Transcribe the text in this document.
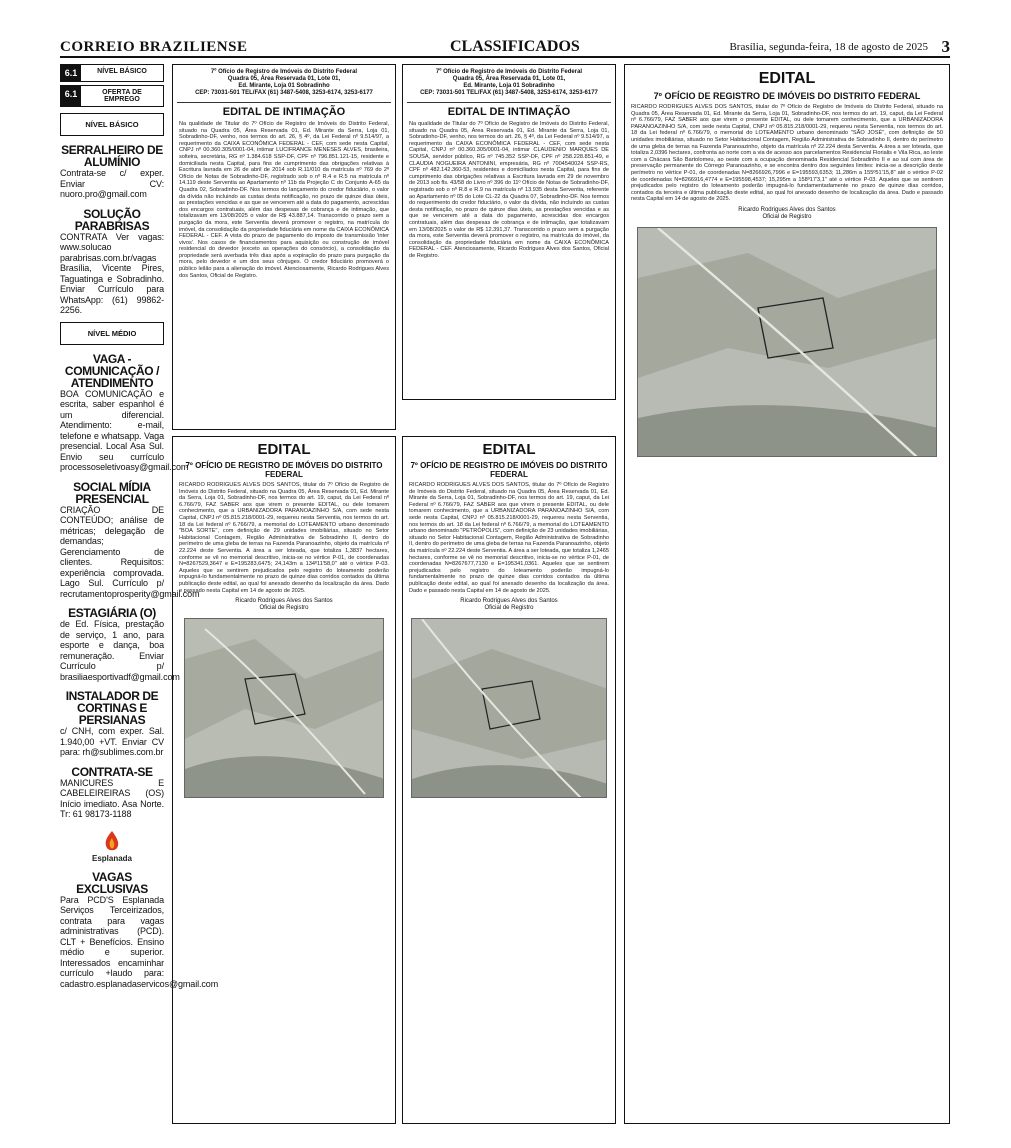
CORREIO BRAZILIENSE	CLASSIFICADOS	Brasília, segunda-feira, 18 de agosto de 2025 3
6.1	NÍVEL BÁSICO
6.1	OFERTA DE EMPREGO
NÍVEL BÁSICO
SERRALHEIRO DE ALUMÍNIO
Contrata-se c/ exper. Enviar CV: nuoro.pro@gmail.com
SOLUÇÃO PARABRISAS
CONTRATA Ver vagas: www.solucao parabrisas.com.br/vagas Brasília, Vicente Pires, Taguatinga e Sobradinho. Enviar Currículo para WhatsApp: (61) 99862-2256.
NÍVEL MÉDIO
VAGA - COMUNICAÇÃO / ATENDIMENTO
BOA COMUNICAÇÃO e escrita, saber espanhol é um diferencial. Atendimento: e-mail, telefone e whatsapp. Vaga presencial. Local Asa Sul. Envio seu currículo processoseletivoasy@gmail.com
SOCIAL MÍDIA PRESENCIAL
CRIAÇÃO DE CONTEÚDO; análise de métricas; delegação de demandas; Gerenciamento de clientes. Requisitos: experiência comprovada. Lago Sul. Currículo p/ recrutamentoprosperity@gmail.com
ESTAGIÁRIA (O)
de Ed. Física, prestação de serviço, 1 ano, para esporte e dança, boa remuneração. Enviar Currículo p/ brasiliaesportivadf@gmail.com
INSTALADOR DE CORTINAS E PERSIANAS
c/ CNH, com exper. Sal. 1.940,00 +VT. Enviar CV para: rh@sublimes.com.br
CONTRATA-SE
MANICURES E CABELEIREIRAS (OS) Início imediato. Asa Norte. Tr: 61 98173-1188
Esplanada
VAGAS EXCLUSIVAS
Para PCD'S Esplanada Serviços Terceirizados, contrata para vagas administrativas (PCD). CLT + Benefícios. Ensino médio e superior. Interessados encaminhar currículo +laudo para: cadastro.esplanadaservicos@gmail.com
7º Ofício de Registro de Imóveis do Distrito Federal
Quadra 05, Área Reservada 01, Lote 01,
Ed. Mirante, Loja 01 Sobradinho
CEP: 73031-501 TEL/FAX (61) 3487-5408, 3253-6174, 3253-6177
EDITAL DE INTIMAÇÃO
Na qualidade de Titular do 7º Ofício de Registro de Imóveis do Distrito Federal, situado na Quadra 05, Área Reservada 01, Ed. Mirante da Serra, Loja 01, Sobradinho-DF, venho, nos termos do art. 26, § 4º, da Lei Federal nº 9.514/97, a requerimento da CAIXA ECONÔMICA FEDERAL - CEF, com sede nesta Capital, CNPJ nº 00.360.305/0001-04, intimar LUCIFRANCE MENESES ALVES, brasileira, solteira, secretária, RG nº 1.384.618 SSP-DF, CPF nº 796.851.121-15, residente e domiciliada nesta Capital, para fins de cumprimento das obrigações relativas à Escritura lavrada em 26 de abril de 2014 sob R.11/010 da matrícula nº 769 do 2º Ofício de Notas de Sobradinho-DF, registrado sob o nº R.4 e R.5 na matrícula nº 14.119 deste Serventia ao Apartamento nº 11b da Projeção C do Conjunto A-65 da Quadra 02, Sobradinho-DF. Nos termos do lançamento do credor fiduciário, o valor da dívida não incluindo as custas desta notificação, no prazo de quinze dias úteis, as prestações vencidas e as que se vencerem até a data do pagamento, acrescidas dos encargos contratuais, além das despesas de cobrança e de intimação, que totalizavam em 13/08/2025 o valor de R$ 43.887,14. Transcorrido o prazo sem a purgação da mora, este Serventia deverá promover o registro, na matrícula do imóvel, da consolidação da propriedade fiduciária em nome da CAIXA ECONÔMICA FEDERAL - CEF. A vista do prazo de pagamento do imposto de transmissão 'inter vivos'. Nos casos de financiamentos para aquisição ou construção de imóvel residencial do devedor (exceto as operações do consórcio), a consolidação da propriedade será averbada três dias após a expiração do prazo para purgação da mora, pelo devedor e um dos seus cônjuges. O credor fiduciário promoverá o público leilão para a alienação do imóvel. Atenciosamente, Ricardo Rodrigues Alves dos Santos, Oficial de Registro.
7º Ofício de Registro de Imóveis do Distrito Federal
Quadra 05, Área Reservada 01, Lote 01,
Ed. Mirante, Loja 01 Sobradinho
CEP: 73031-501 TEL/FAX (61) 3487-5408, 3253-6174, 3253-6177
EDITAL DE INTIMAÇÃO
Na qualidade de Titular do 7º Ofício de Registro de Imóveis do Distrito Federal, situado na Quadra 05, Área Reservada 01, Ed. Mirante da Serra, Loja 01, Sobradinho-DF, venho, nos termos do art. 26, § 4º, da Lei Federal nº 9.514/97, a requerimento da CAIXA ECONÔMICA FEDERAL - CEF, com sede nesta Capital, CNPJ nº 00.360.305/0001-04, intimar CLAUDENIO MARQUES DE SOUSA, servidor público, RG nº 745.352 SSP-DF, CPF nº 258.228.851-49, e CLAUDIA NOGUEIRA ANTONINI, empresária, RG nº 7004540024 SSP-RS, CPF nº 482.142.360-53, residentes e domiciliados nesta Capital, para fins de cumprimento das obrigações relativas a Escritura lavrada em 29 de novembro de 2013 sob fls. 43/58 do Livro nº 396 do 11º Ofício de Notas de Sobradinho-DF, registrado sob o nº R.8 e R.9 na matrícula nº 13.935 desta Serventia, referente ao Apartamento nº 05 do Lote CL-22 da Quadra 07, Sobradinho-DF. Nos termos do requerimento do credor fiduciário, o valor da dívida, não incluindo as custas desta notificação, no prazo de quinze dias úteis, as prestações vencidas e as que se vencerem até a data do pagamento, acrescidas dos encargos contratuais, além das despesas de cobrança e de intimação, que totalizavam em 13/08/2025 o valor de R$ 12.391,37. Transcorrido o prazo sem a purgação da mora, este Serventia deverá promover o registro, na matrícula do imóvel, da consolidação da propriedade fiduciária em nome da CAIXA ECONÔMICA FEDERAL - CEF. Atenciosamente, Ricardo Rodrigues Alves dos Santos, Oficial de Registro.
EDITAL
7º OFÍCIO DE REGISTRO DE IMÓVEIS DO DISTRITO FEDERAL
RICARDO RODRIGUES ALVES DOS SANTOS, titular do 7º Ofício de Registro de Imóveis do Distrito Federal, situado na Quadra 05, Área Reservada 01, Ed. Mirante da Serra, Loja 01, Sobradinho-DF, nos termos do art. 19, caput, da Lei Federal nº 6.766/79, FAZ SABER aos que virem o presente EDITAL, ou dele tomarem conhecimento, que a URBANIZADORA PARANOAZINHO S/A, com sede nesta Capital, CNPJ nº 05.815.218/0001-29, requereu nesta Serventia, nos termos do art. 18 da Lei federal nº 6.766/79, a memorial do LOTEAMENTO urbano denominado "BOA SORTE", com definição de 29 unidades imobiliárias, situado no Setor Habitacional Contagem, Região Administrativa de Sobradinho II, dentro do perímetro de uma gleba de terras na Fazenda Paranoazinho, objeto da matrícula nº 22.224 deste Serventia. A área a ser loteada, que totaliza 1,3837 hectares, conforme se vê no memorial descritivo, inicia-se no vértice P-01, de coordenadas N=8267529,3647 e E=195283,6475; 24,143m a 134º11'58,0" até o vértice P-03. Aqueles que se sentirem prejudicados pelo registro do loteamento poderão impugná-lo fundamentalmente no prazo de quinze dias corridos contados da última publicação deste edital, ao qual foi anexado desenho da localização da área. Dado e passado nesta Capital em 14 de agosto de 2025.
Ricardo Rodrigues Alves dos Santos
Oficial de Registro
EDITAL
7º OFÍCIO DE REGISTRO DE IMÓVEIS DO DISTRITO FEDERAL
RICARDO RODRIGUES ALVES DOS SANTOS, titular do 7º Ofício de Registro de Imóveis do Distrito Federal, situado na Quadra 05, Área Reservada 01, Ed. Mirante da Serra, Loja 01, Sobradinho-DF, nos termos do art. 19, caput, da Lei Federal nº 6.766/79, FAZ SABER aos que virem o presente EDITAL, ou dele tomarem conhecimento, que a URBANIZADORA PARANOAZINHO S/A, com sede nesta Capital, CNPJ nº 05.815.218/0001-29, requereu nesta Serventia, nos termos do art. 18 da Lei federal nº 6.766/79, a memorial do LOTEAMENTO urbano denominado "PETRÓPOLIS", com definição de 23 unidades imobiliárias, situado no Setor Habitacional Contagem, Região Administrativa de Sobradinho II, dentro do perímetro de uma gleba de terras na Fazenda Paranoazinho, objeto da matrícula nº 22.224 deste Serventia. A área a ser loteada, que totaliza 1,2465 hectares, conforme se vê no memorial descritivo, inicia-se no vértice P-01, de coordenadas N=8267677,7130 e E=195341,0361. Aqueles que se sentirem prejudicados pelo registro do loteamento poderão impugná-lo fundamentalmente no prazo de quinze dias corridos contados da última publicação deste edital, ao qual foi anexado desenho da localização da área. Dado e passado nesta Capital em 14 de agosto de 2025.
Ricardo Rodrigues Alves dos Santos
Oficial de Registro
EDITAL
7º OFÍCIO DE REGISTRO DE IMÓVEIS DO DISTRITO FEDERAL
RICARDO RODRIGUES ALVES DOS SANTOS, titular do 7º Ofício de Registro de Imóveis do Distrito Federal, situado na Quadra 05, Área Reservada 01, Ed. Mirante da Serra, Loja 01, Sobradinho-DF, nos termos do art. 19, caput, da Lei Federal nº 6.766/79, FAZ SABER aos que virem o presente EDITAL, ou dele tomarem conhecimento, que a URBANIZADORA PARANOAZINHO S/A, com sede nesta Capital, CNPJ nº 05.815.218/0001-29, requereu nesta Serventia, nos termos do art. 18 da Lei federal nº 6.766/79, o memorial do LOTEAMENTO urbano denominado "SÃO JOSÉ", com definição de 50 unidades imobiliárias, situado no Setor Habitacional Contagem, Região Administrativa de Sobradinho II, dentro do perímetro de uma gleba de terras na Fazenda Paranoazinho, objeto da matrícula nº 22.224 desta Serventia. A área a ser loteada, que totaliza 2,0396 hectares, confronta ao norte com a via de acesso aos parcelamentos Residencial Florialis e Vila Rica, ao leste com a Chácara São Bartolomeu, ao oeste com a ocupação denominada Residencial Sobradinho II e ao sul com área de preservação permanente do Córrego Paranoazinho, e se encontra dentro dos seguintes limites: inicia-se a descrição deste perímetro no vértice P-01, de coordenadas N=8266926,7996 e E=195593,6353; 11,286m a 155º51'15,8" até o vértice P-02 de coordenadas N=8266916,4774 e E=195598,4537; 15,295m a 158º17'3,1" até o vértice P-03. Aqueles que se sentirem prejudicados pelo registro do loteamento poderão impugná-lo fundamentadamente no prazo de quinze dias corridos, contados da terceira e última publicação deste edital, ao qual foi anexado desenho de localização da área. Dado e passado nesta Capital em 14 de agosto de 2025.
Ricardo Rodrigues Alves dos Santos
Oficial de Registro
